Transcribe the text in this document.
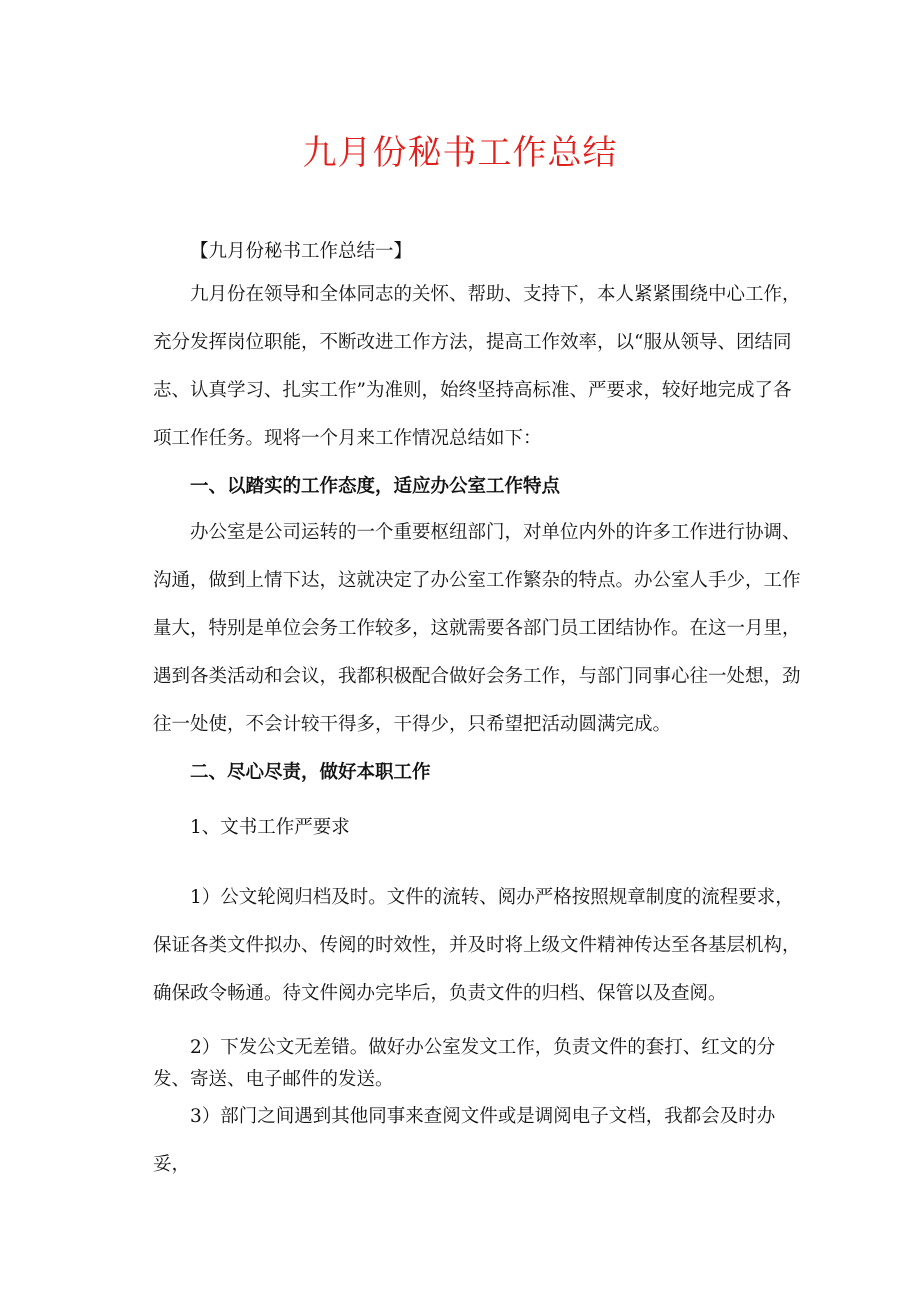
九月份秘书工作总结

【九月份秘书工作总结一】

九月份在领导和全体同志的关怀、帮助、支持下，本人紧紧围绕中心工作，充分发挥岗位职能，不断改进工作方法，提高工作效率，以“服从领导、团结同志、认真学习、扎实工作”为准则，始终坚持高标准、严要求，较好地完成了各项工作任务。现将一个月来工作情况总结如下：

一、以踏实的工作态度，适应办公室工作特点

办公室是公司运转的一个重要枢纽部门，对单位内外的许多工作进行协调、沟通，做到上情下达，这就决定了办公室工作繁杂的特点。办公室人手少，工作量大，特别是单位会务工作较多，这就需要各部门员工团结协作。在这一月里，遇到各类活动和会议，我都积极配合做好会务工作，与部门同事心往一处想，劲往一处使，不会计较干得多，干得少，只希望把活动圆满完成。

二、尽心尽责，做好本职工作

1、文书工作严要求

1）公文轮阅归档及时。文件的流转、阅办严格按照规章制度的流程要求，保证各类文件拟办、传阅的时效性，并及时将上级文件精神传达至各基层机构，确保政令畅通。待文件阅办完毕后，负责文件的归档、保管以及查阅。

2）下发公文无差错。做好办公室发文工作，负责文件的套打、红文的分发、寄送、电子邮件的发送。

3）部门之间遇到其他同事来查阅文件或是调阅电子文档，我都会及时办妥，
